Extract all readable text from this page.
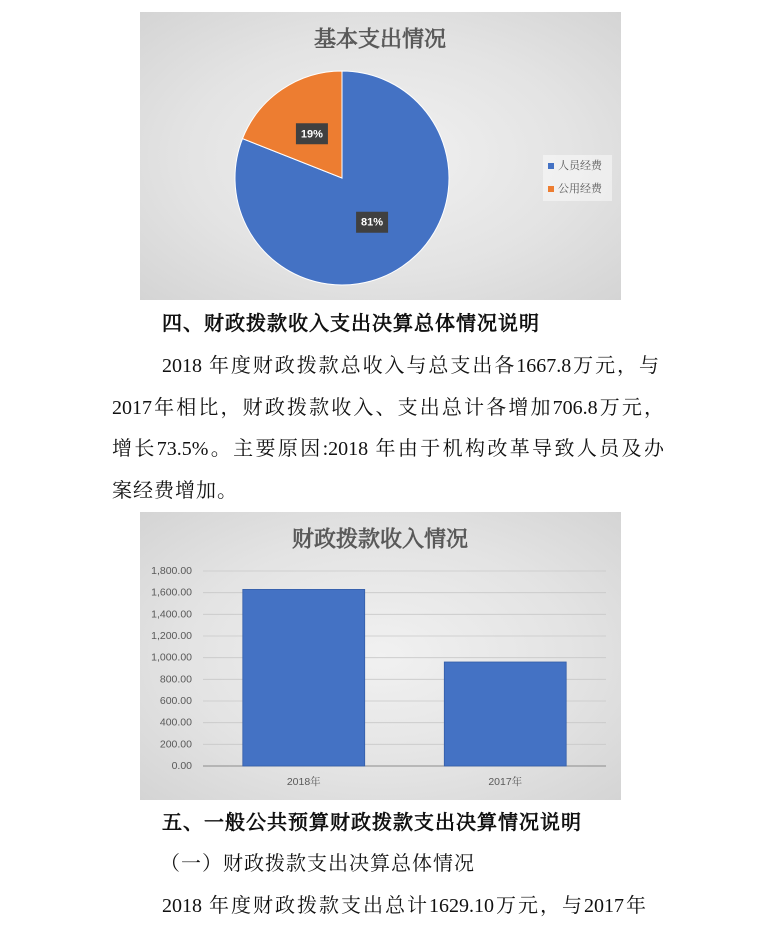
基本支出情况
81%
19%
人员经费
公用经费
四、财政拨款收入支出决算总体情况说明
2018 年度财政拨款总收入与总支出各1667.8万元，与
2017年相比，财政拨款收入、支出总计各增加706.8万元，
增长73.5%。主要原因:2018 年由于机构改革导致人员及办
案经费增加。
财政拨款收入情况
0.00
200.00
400.00
600.00
800.00
1,000.00
1,200.00
1,400.00
1,600.00
1,800.00
2018年	2017年
五、一般公共预算财政拨款支出决算情况说明
（一）财政拨款支出决算总体情况
2018 年度财政拨款支出总计1629.10万元，与2017年
